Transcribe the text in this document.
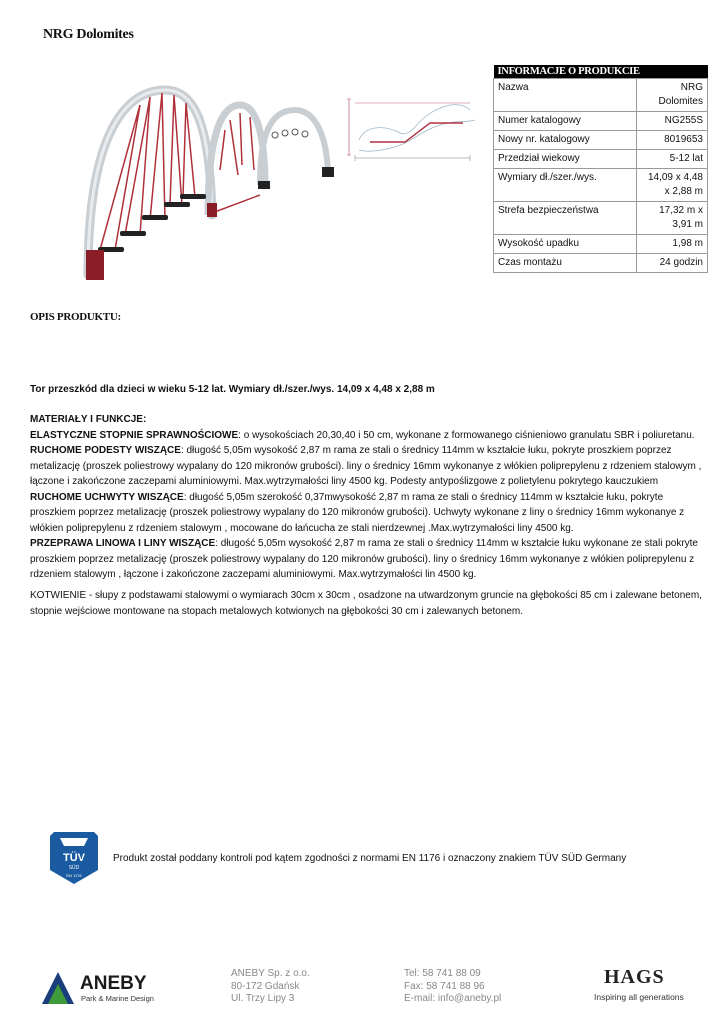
NRG Dolomites
INFORMACJE O PRODUKCIE	
Nazwa	NRG Dolomites
Numer katalogowy	NG255S
Nowy nr. katalogowy	8019653
Przedział wiekowy	5-12 lat
Wymiary dł./szer./wys.	14,09 x 4,48 x 2,88 m
Strefa bezpieczeństwa	17,32 m x 3,91 m
Wysokość upadku	1,98 m
Czas montażu	24 godzin
OPIS PRODUKTU:
Tor przeszkód dla dzieci w wieku 5-12 lat. Wymiary dł./szer./wys. 14,09 x 4,48 x 2,88 m
MATERIAŁY I FUNKCJE:
ELASTYCZNE STOPNIE SPRAWNOŚCIOWE: o wysokościach 20,30,40 i 50 cm, wykonane z formowanego ciśnieniowo granulatu SBR i poliuretanu.
RUCHOME PODESTY WISZĄCE: długość 5,05m wysokość 2,87 m rama ze stali o średnicy 114mm w kształcie łuku, pokryte proszkiem poprzez metalizację (proszek poliestrowy wypalany do 120 mikronów grubości). liny o średnicy 16mm wykonanye z włókien poliprepylenu z rdzeniem stalowym , łączone i zakończone zaczepami aluminiowymi. Max.wytrzymałości liny 4500 kg. Podesty antypoślizgowe z polietylenu pokrytego kauczukiem
RUCHOME UCHWYTY WISZĄCE: długość 5,05m szerokość 0,37mwysokość 2,87 m rama ze stali o średnicy 114mm w kształcie łuku, pokryte proszkiem poprzez metalizację (proszek poliestrowy wypalany do 120 mikronów grubości). Uchwyty wykonane z liny o średnicy 16mm wykonanye z włókien poliprepylenu z rdzeniem stalowym , mocowane do łańcucha ze stali nierdzewnej .Max.wytrzymałości liny 4500 kg.
PRZEPRAWA LINOWA I LINY WISZĄCE: długość 5,05m wysokość 2,87 m rama ze stali o średnicy 114mm w kształcie łuku wykonane ze stali pokryte proszkiem poprzez metalizację (proszek poliestrowy wypalany do 120 mikronów grubości). liny o średnicy 16mm wykonanye z włókien poliprepylenu z rdzeniem stalowym , łączone i zakończone zaczepami aluminiowymi. Max.wytrzymałości lin 4500 kg.
KOTWIENIE - słupy z podstawami stalowymi o wymiarach 30cm x 30cm , osadzone na utwardzonym gruncie na głębokości 85 cm i zalewane betonem, stopnie wejściowe montowane na stopach metalowych kotwionych na głębokości 30 cm i zalewanych betonem.
TÜV
SÜD
EN 1176
Produkt został poddany kontroli pod kątem zgodności z normami EN 1176 i oznaczony znakiem TÜV SÜD Germany
ANEBY
Park & Marine Design
ANEBY Sp. z o.o.
80-172 Gdańsk
Ul. Trzy Lipy 3
Tel: 58 741 88 09
Fax: 58 741 88 96
E-mail: info@aneby.pl
HAGS
Inspiring all generations
